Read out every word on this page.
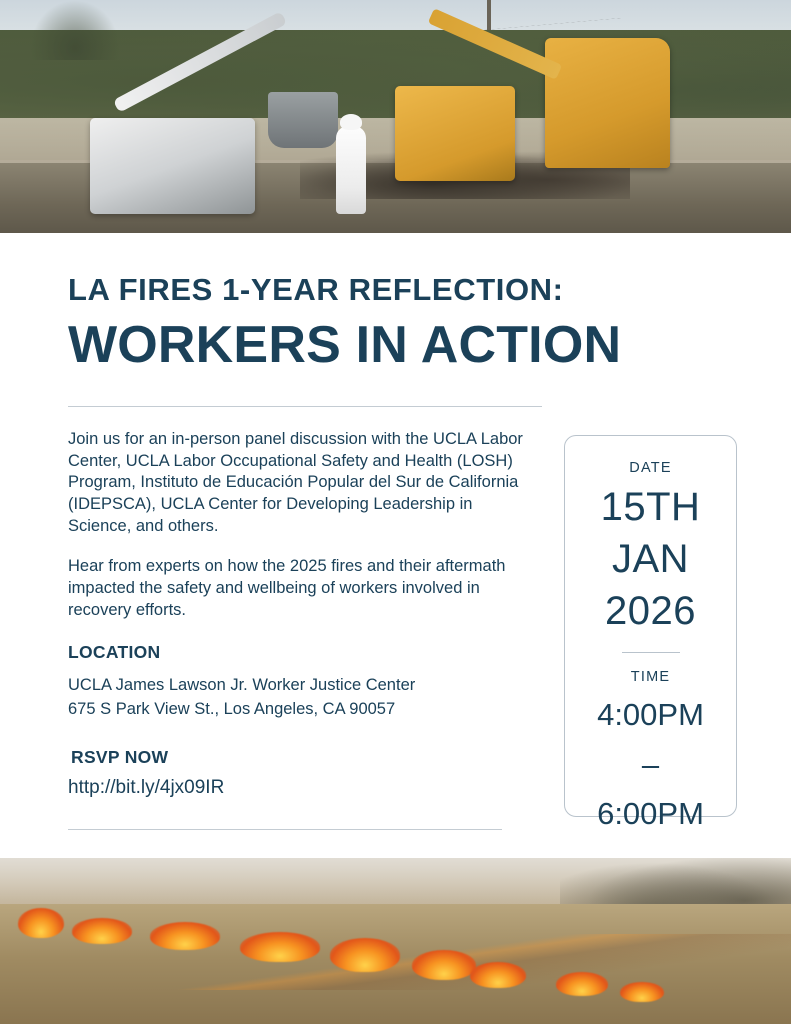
LA FIRES 1-YEAR REFLECTION:
WORKERS IN ACTION

Join us for an in-person panel discussion with the UCLA Labor Center, UCLA Labor Occupational Safety and Health (LOSH) Program, Instituto de Educación Popular del Sur de California (IDEPSCA), UCLA Center for Developing Leadership in Science, and others.

Hear from experts on how the 2025 fires and their aftermath impacted the safety and wellbeing of workers involved in recovery efforts.

LOCATION
UCLA James Lawson Jr. Worker Justice Center
675 S Park View St., Los Angeles, CA 90057
RSVP NOW
http://bit.ly/4jx09IR
DATE
15TH
JAN
2026
TIME
4:00PM
–
6:00PM
